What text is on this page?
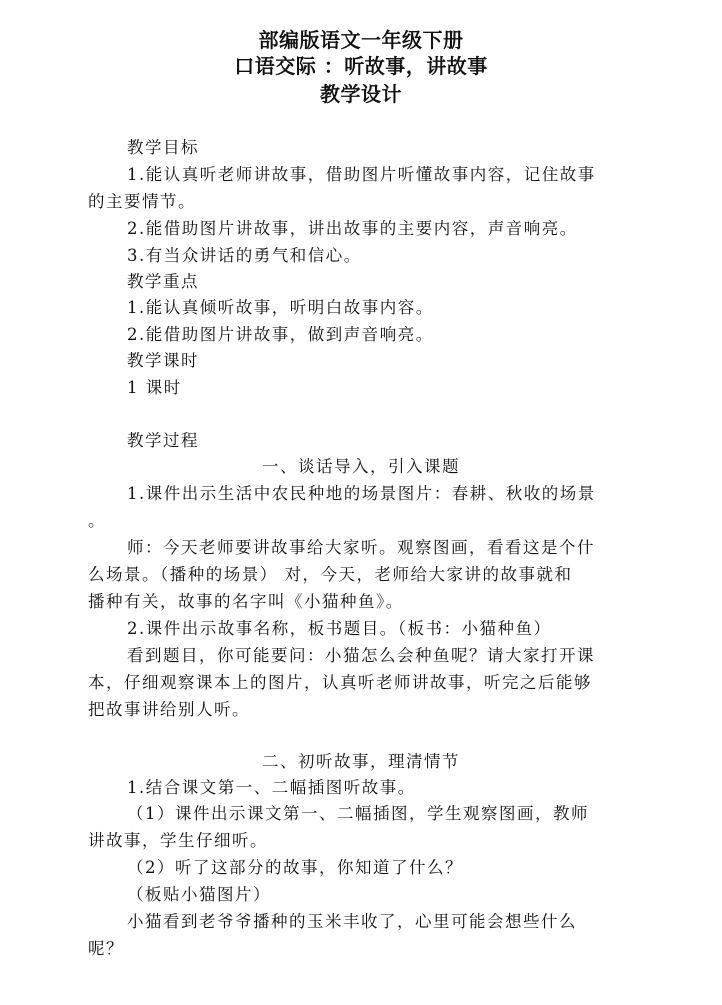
部编版语文一年级下册
口语交际 ：听故事，讲故事
教学设计
教学目标
1.能认真听老师讲故事，借助图片听懂故事内容，记住故事
的主要情节。
2.能借助图片讲故事，讲出故事的主要内容，声音响亮。
3.有当众讲话的勇气和信心。
教学重点
1.能认真倾听故事，听明白故事内容。
2.能借助图片讲故事，做到声音响亮。
教学课时
1 课时
教学过程
一、谈话导入，引入课题
1.课件出示生活中农民种地的场景图片：春耕、秋收的场景
。
师：今天老师要讲故事给大家听。观察图画，看看这是个什
么场景。（播种的场景） 对，今天，老师给大家讲的故事就和
播种有关，故事的名字叫《小猫种鱼》。
2.课件出示故事名称，板书题目。（板书：小猫种鱼）
看到题目，你可能要问：小猫怎么会种鱼呢？请大家打开课
本，仔细观察课本上的图片，认真听老师讲故事，听完之后能够
把故事讲给别人听。
二、初听故事，理清情节
1.结合课文第一、二幅插图听故事。
（1）课件出示课文第一、二幅插图，学生观察图画，教师
讲故事，学生仔细听。
（2）听了这部分的故事，你知道了什么？
（板贴小猫图片）
小猫看到老爷爷播种的玉米丰收了，心里可能会想些什么
呢？
